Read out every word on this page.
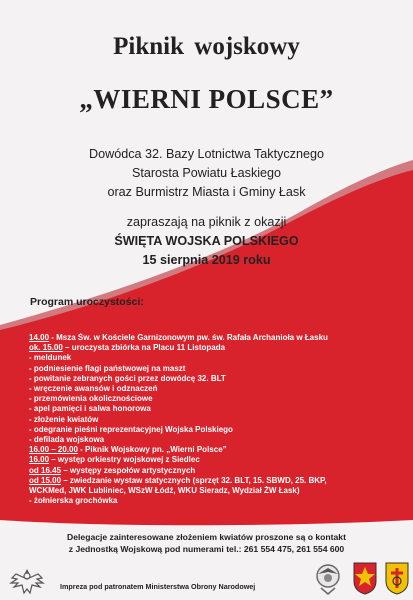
Piknik wojskowy
„WIERNI POLSCE”
Dowódca 32. Bazy Lotnictwa Taktycznego
Starosta Powiatu Łaskiego
oraz Burmistrz Miasta i Gminy Łask
zapraszają na piknik z okazji
ŚWIĘTA WOJSKA POLSKIEGO
15 sierpnia 2019 roku
Program uroczystości:
14.00 - Msza Św. w Kościele Garnizonowym pw. św. Rafała Archanioła w Łasku
ok. 15.00 – uroczysta zbiórka na Placu 11 Listopada
- meldunek
- podniesienie flagi państwowej na maszt
- powitanie zebranych gości przez dowódcę 32. BLT
- wręczenie awansów i odznaczeń
- przemówienia okolicznościowe
- apel pamięci i salwa honorowa
- złożenie kwiatów
- odegranie pieśni reprezentacyjnej Wojska Polskiego
- defilada wojskowa
16.00 – 20.00 - Piknik Wojskowy pn. „Wierni Polsce”
16.00 – występ orkiestry wojskowej z Siedlec
od 16.45 – występy zespołów artystycznych
od 15.00 – zwiedzanie wystaw statycznych (sprzęt 32. BLT, 15. SBWD, 25. BKP,
WCKMed, JWK Lubliniec, WSzW Łódź, WKU Sieradz, Wydział ŻW Łask)
- żołnierska grochówka
Delegacje zainteresowane złożeniem kwiatów proszone są o kontakt
z Jednostką Wojskową pod numerami tel.: 261 554 475, 261 554 600
Impreza pod patronatem Ministerstwa Obrony Narodowej
